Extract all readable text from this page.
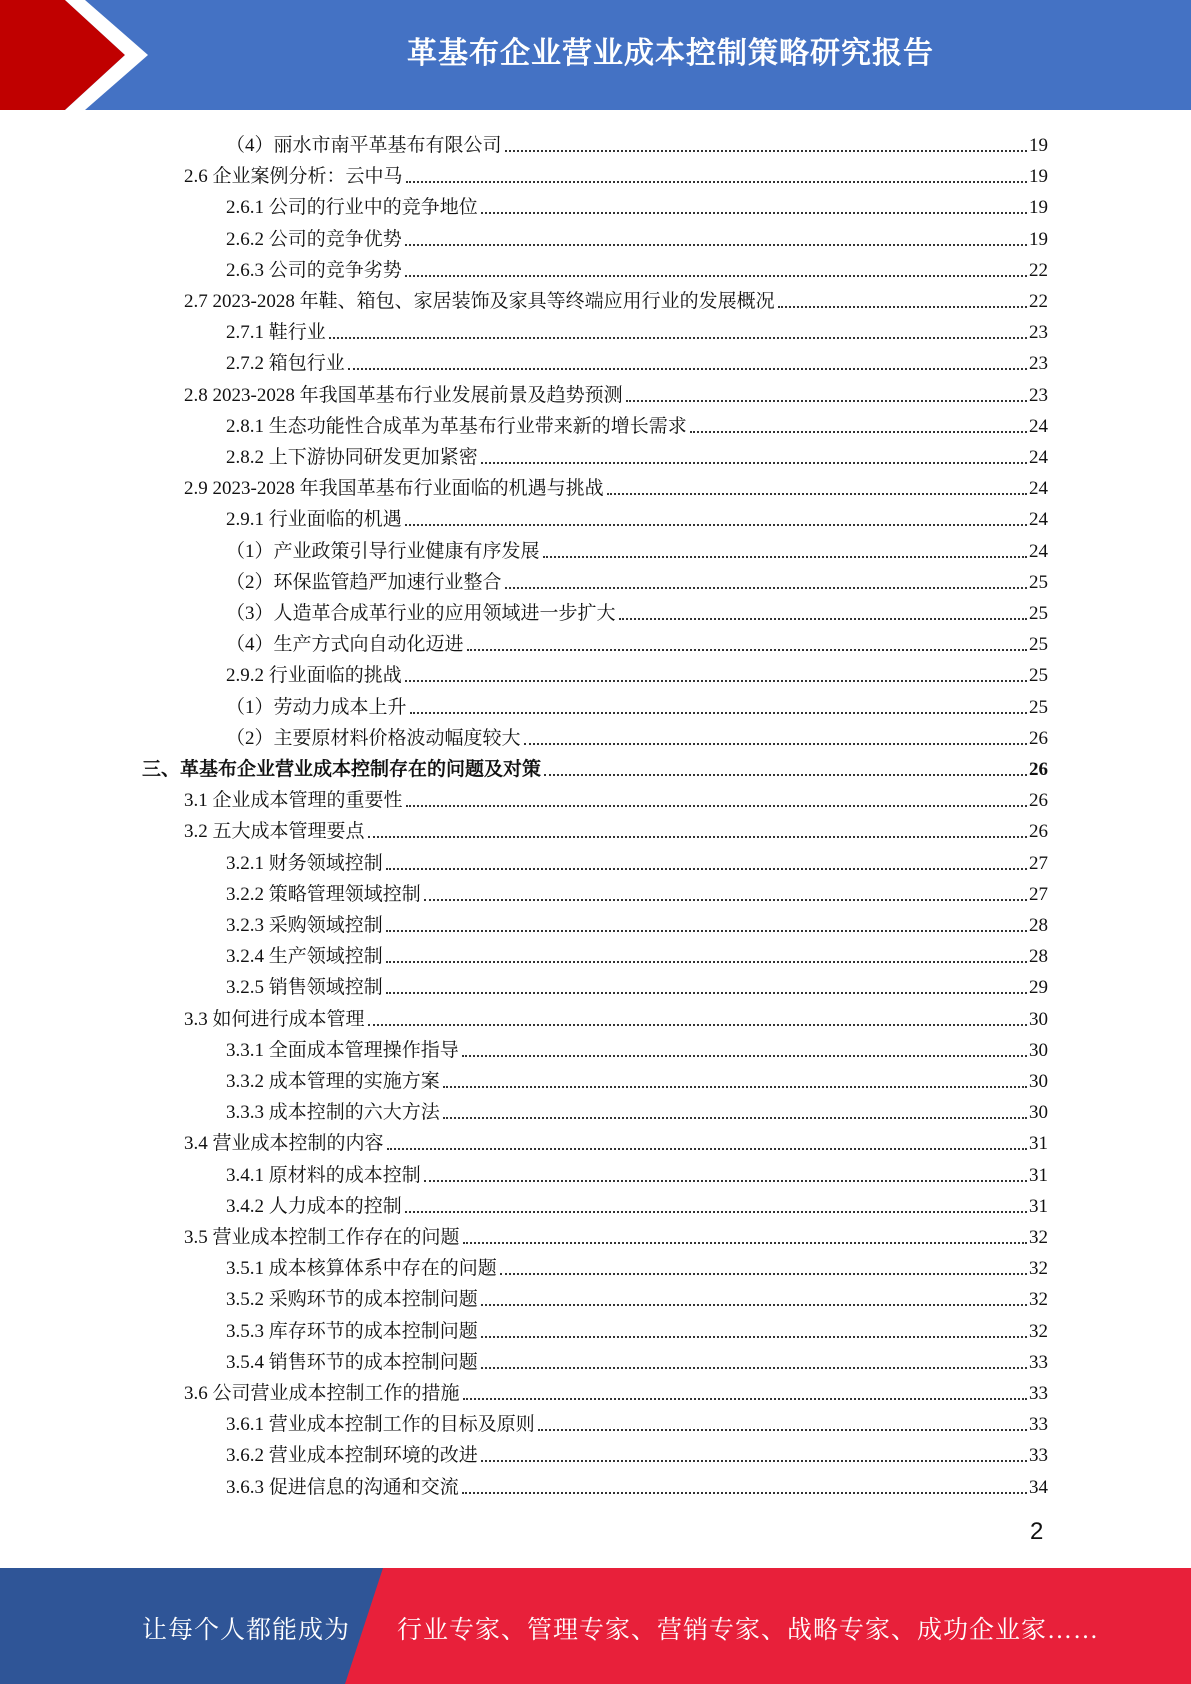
革基布企业营业成本控制策略研究报告
（4）丽水市南平革基布有限公司	19
2.6 企业案例分析：云中马	19
2.6.1 公司的行业中的竞争地位	19
2.6.2 公司的竞争优势	19
2.6.3 公司的竞争劣势	22
2.7 2023-2028 年鞋、箱包、家居装饰及家具等终端应用行业的发展概况	22
2.7.1 鞋行业	23
2.7.2 箱包行业	23
2.8 2023-2028 年我国革基布行业发展前景及趋势预测	23
2.8.1 生态功能性合成革为革基布行业带来新的增长需求	24
2.8.2 上下游协同研发更加紧密	24
2.9 2023-2028 年我国革基布行业面临的机遇与挑战	24
2.9.1 行业面临的机遇	24
（1）产业政策引导行业健康有序发展	24
（2）环保监管趋严加速行业整合	25
（3）人造革合成革行业的应用领域进一步扩大	25
（4）生产方式向自动化迈进	25
2.9.2 行业面临的挑战	25
（1）劳动力成本上升	25
（2）主要原材料价格波动幅度较大	26
三、革基布企业营业成本控制存在的问题及对策	26
3.1 企业成本管理的重要性	26
3.2 五大成本管理要点	26
3.2.1 财务领域控制	27
3.2.2 策略管理领域控制	27
3.2.3 采购领域控制	28
3.2.4 生产领域控制	28
3.2.5 销售领域控制	29
3.3 如何进行成本管理	30
3.3.1 全面成本管理操作指导	30
3.3.2 成本管理的实施方案	30
3.3.3 成本控制的六大方法	30
3.4 营业成本控制的内容	31
3.4.1 原材料的成本控制	31
3.4.2 人力成本的控制	31
3.5 营业成本控制工作存在的问题	32
3.5.1 成本核算体系中存在的问题	32
3.5.2 采购环节的成本控制问题	32
3.5.3 库存环节的成本控制问题	32
3.5.4 销售环节的成本控制问题	33
3.6 公司营业成本控制工作的措施	33
3.6.1 营业成本控制工作的目标及原则	33
3.6.2 营业成本控制环境的改进	33
3.6.3 促进信息的沟通和交流	34
2
让每个人都能成为 行业专家、管理专家、营销专家、战略专家、成功企业家……
